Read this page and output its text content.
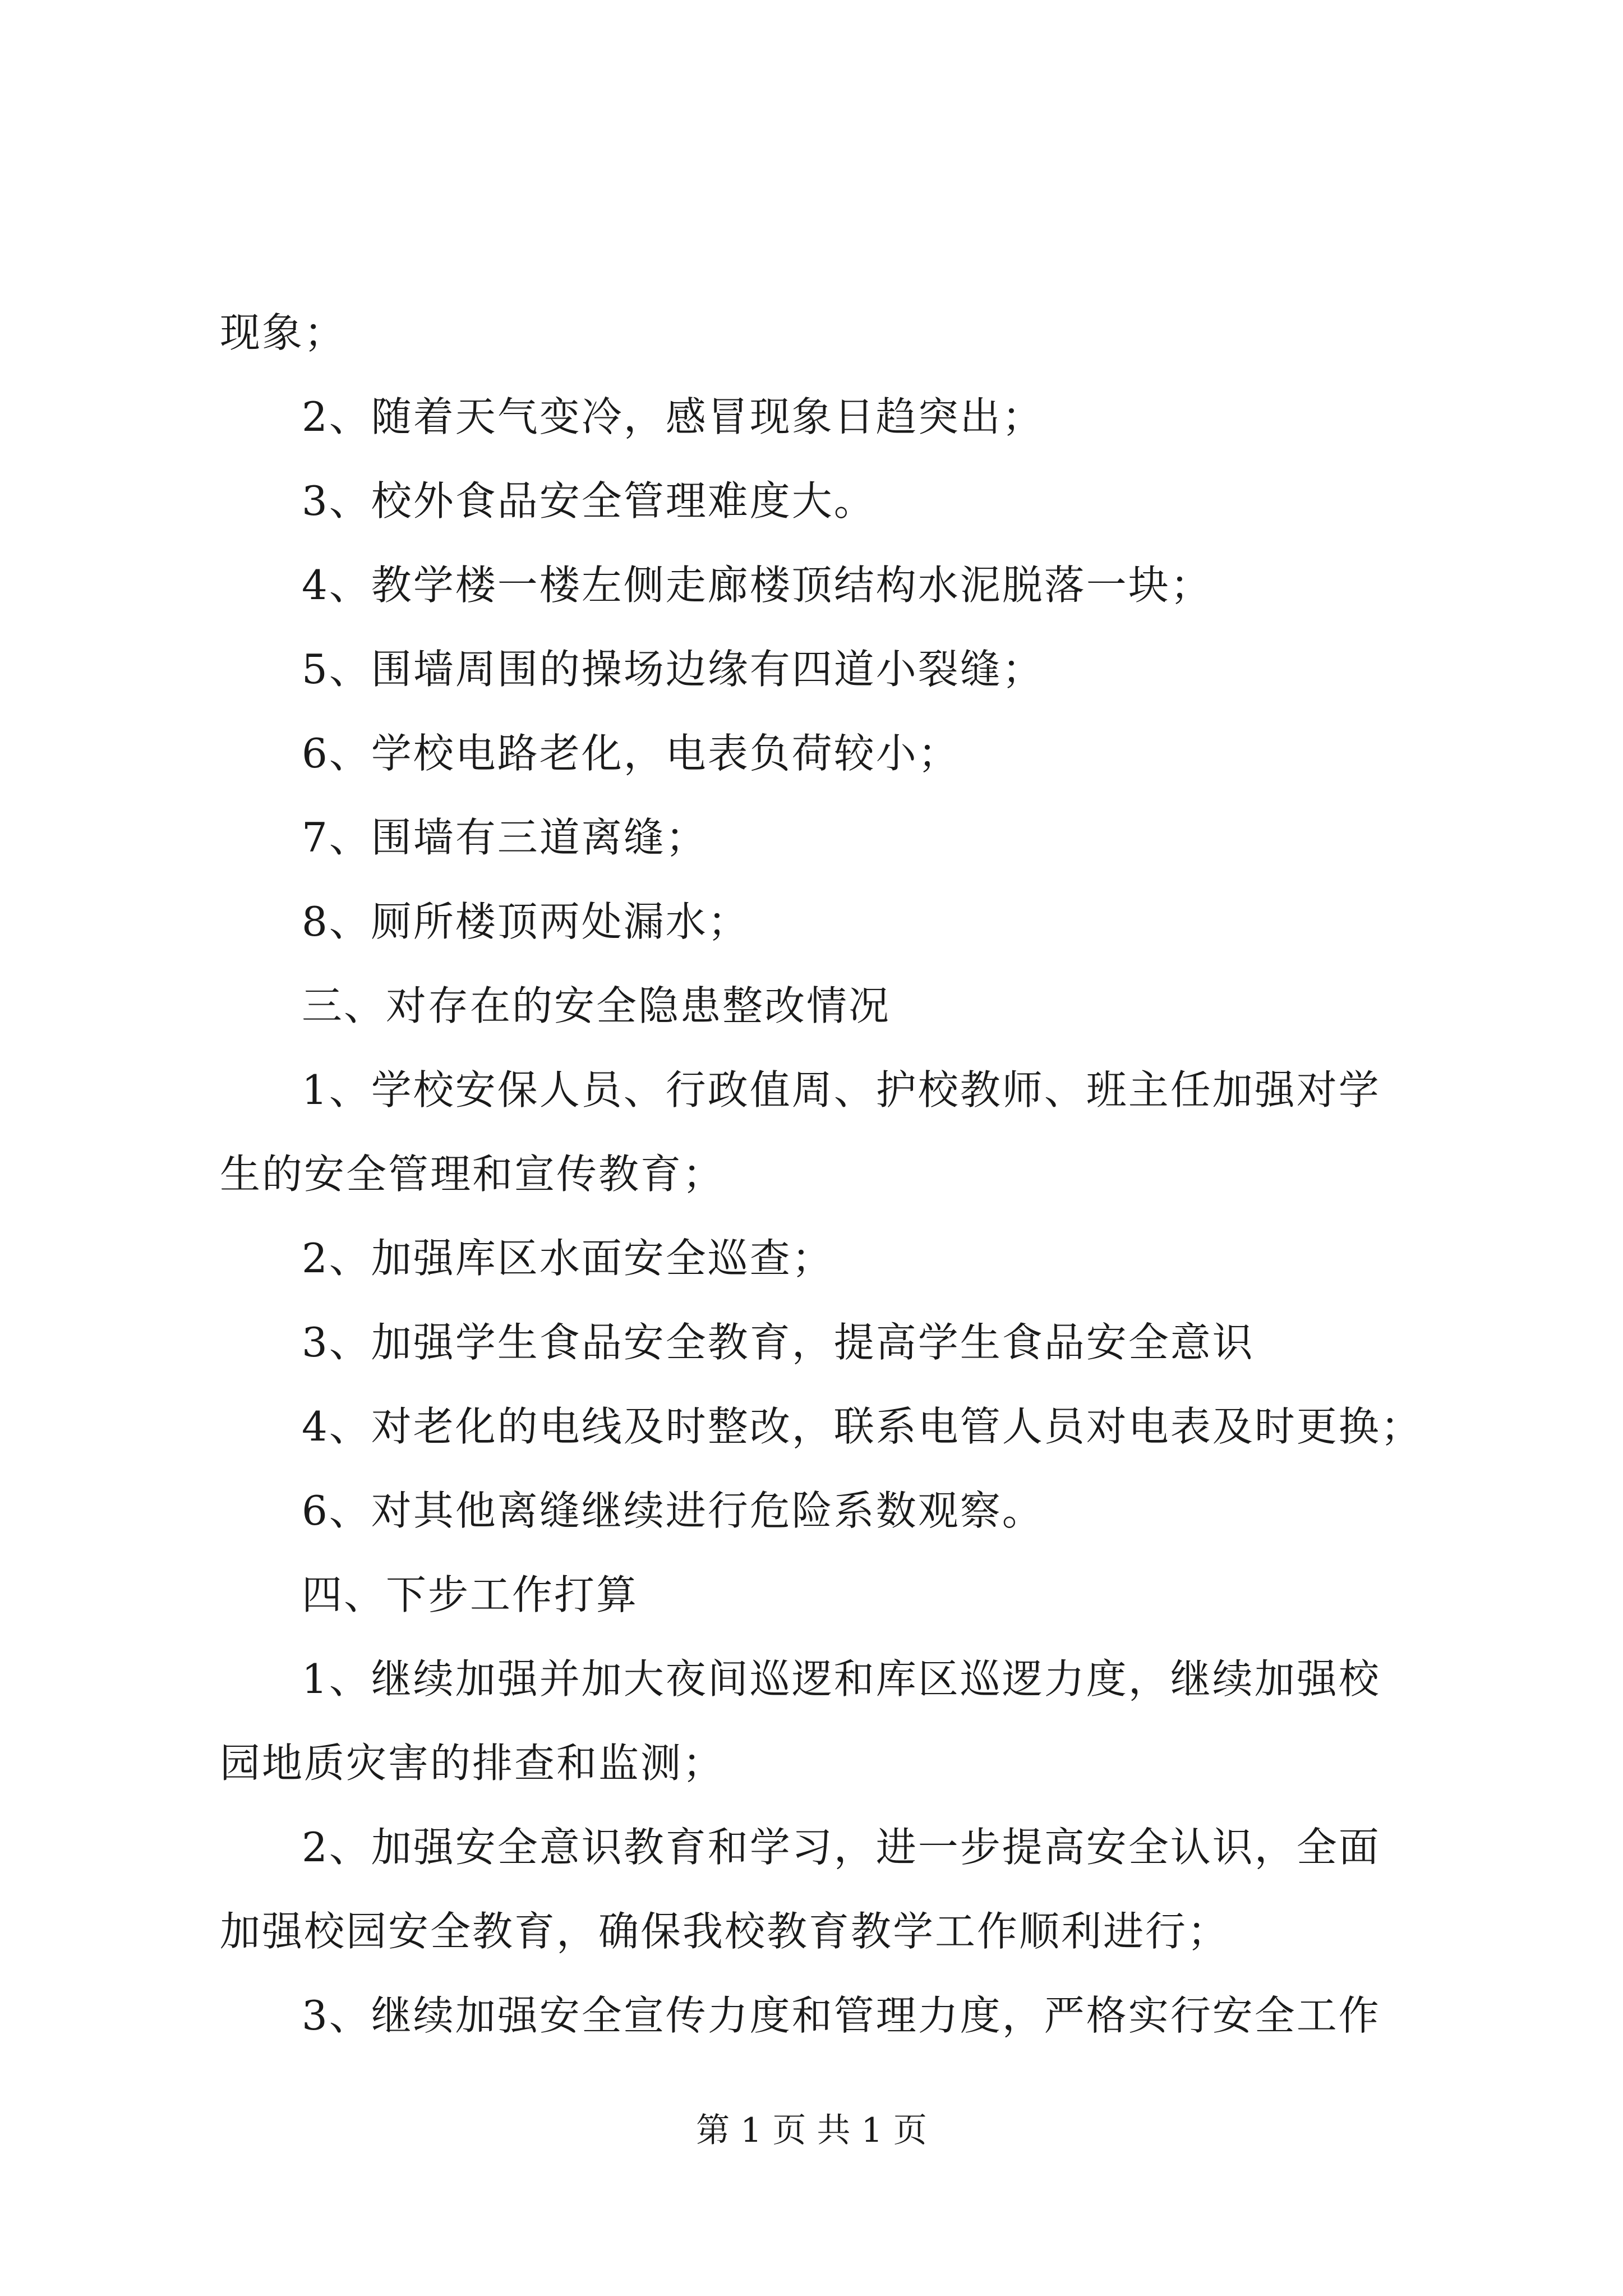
现象；
2、随着天气变冷，感冒现象日趋突出；
3、校外食品安全管理难度大。
4、教学楼一楼左侧走廊楼顶结构水泥脱落一块；
5、围墙周围的操场边缘有四道小裂缝；
6、学校电路老化，电表负荷较小；
7、围墙有三道离缝；
8、厕所楼顶两处漏水；
三、对存在的安全隐患整改情况
1、学校安保人员、行政值周、护校教师、班主任加强对学
生的安全管理和宣传教育；
2、加强库区水面安全巡查；
3、加强学生食品安全教育，提高学生食品安全意识
4、对老化的电线及时整改，联系电管人员对电表及时更换；
6、对其他离缝继续进行危险系数观察。
四、下步工作打算
1、继续加强并加大夜间巡逻和库区巡逻力度，继续加强校
园地质灾害的排查和监测；
2、加强安全意识教育和学习，进一步提高安全认识，全面
加强校园安全教育，确保我校教育教学工作顺利进行；
3、继续加强安全宣传力度和管理力度，严格实行安全工作
第 1 页 共 1 页
